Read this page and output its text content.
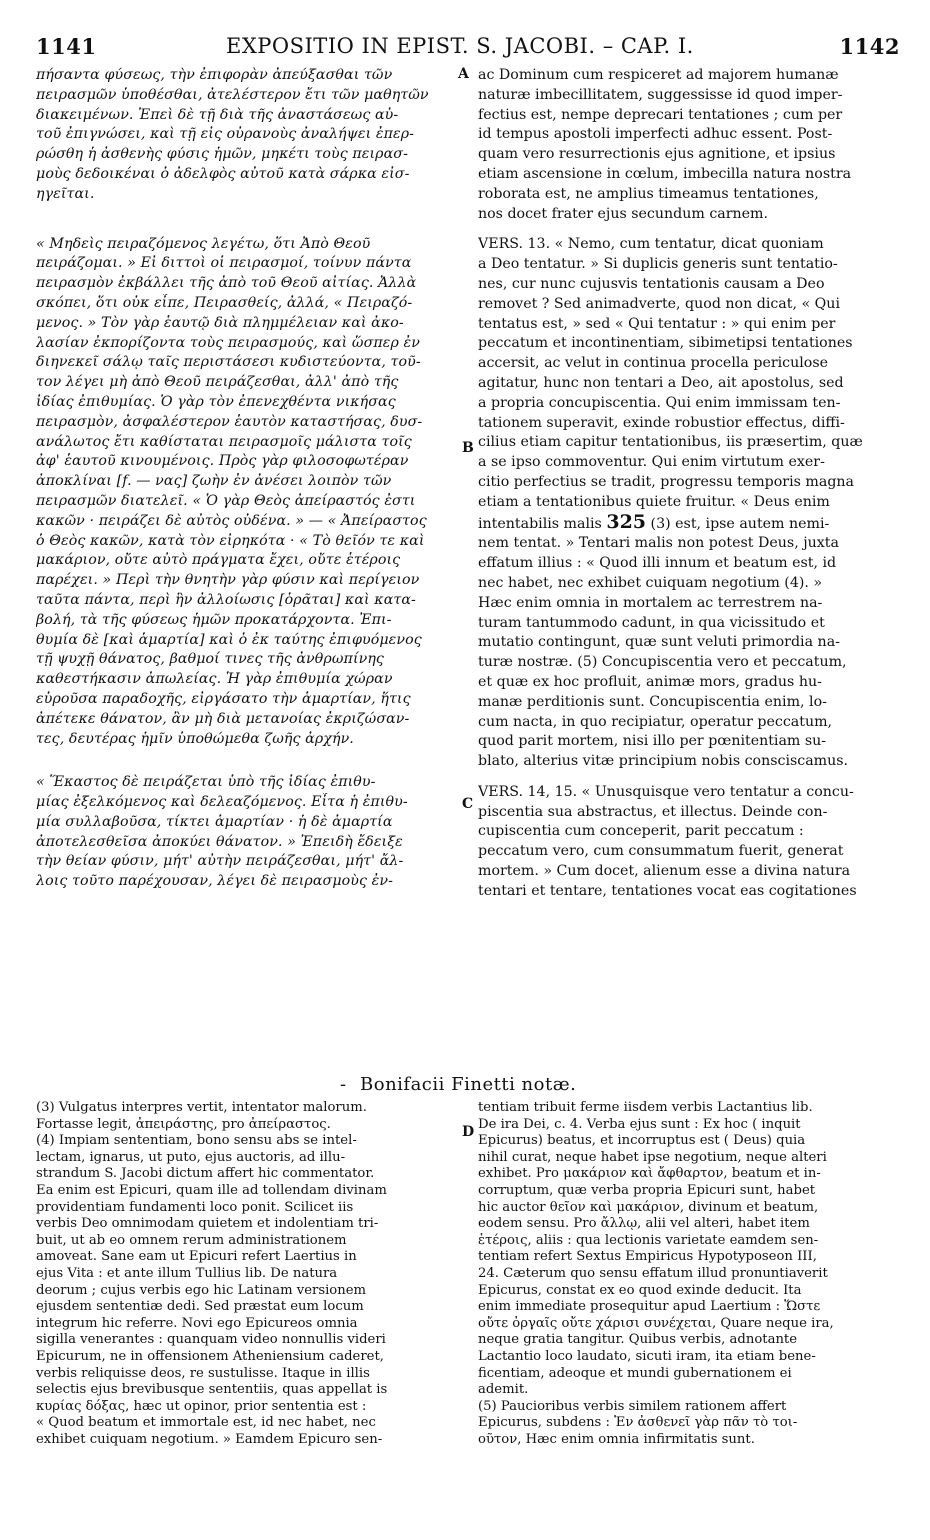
1141	EXPOSITIO IN EPIST. S. JACOBI. – CAP. I.	1142
A
B
C
D

πήσαντα φύσεως, τὴν ἐπιφορὰν ἀπεύξασθαι τῶν
πειρασμῶν ὑποθέσθαι, ἀτελέστερον ἔτι τῶν μαθητῶν
διακειμένων. Ἐπεὶ δὲ τῇ διὰ τῆς ἀναστάσεως αὐ-
τοῦ ἐπιγνώσει, καὶ τῇ εἰς οὐρανοὺς ἀναλήψει ἐπερ-
ρώσθη ἡ ἀσθενὴς φύσις ἡμῶν, μηκέτι τοὺς πειρασ-
μοὺς δεδοικέναι ὁ ἀδελφὸς αὐτοῦ κατὰ σάρκα εἰσ-
ηγεῖται.

« Μηδεὶς πειραζόμενος λεγέτω, ὅτι Ἀπὸ Θεοῦ
πειράζομαι. » Εἰ διττοὶ οἱ πειρασμοί, τοίνυν πάντα
πειρασμὸν ἐκβάλλει τῆς ἀπὸ τοῦ Θεοῦ αἰτίας. Ἀλλὰ
σκόπει, ὅτι οὐκ εἶπε, Πειρασθείς, ἀλλά, « Πειραζό-
μενος. » Τὸν γὰρ ἑαυτῷ διὰ πλημμέλειαν καὶ ἀκο-
λασίαν ἐκπορίζοντα τοὺς πειρασμούς, καὶ ὥσπερ ἐν
διηνεκεῖ σάλῳ ταῖς περιστάσεσι κυδιστεύοντα, τοῦ-
τον λέγει μὴ ἀπὸ Θεοῦ πειράζεσθαι, ἀλλ' ἀπὸ τῆς
ἰδίας ἐπιθυμίας. Ὁ γὰρ τὸν ἐπενεχθέντα νικήσας
πειρασμὸν, ἀσφαλέστερον ἑαυτὸν καταστήσας, δυσ-
ανάλωτος ἔτι καθίσταται πειρασμοῖς μάλιστα τοῖς
ἀφ' ἑαυτοῦ κινουμένοις. Πρὸς γὰρ φιλοσοφωτέραν
ἀποκλίναι [f. — νας] ζωὴν ἐν ἀνέσει λοιπὸν τῶν
πειρασμῶν διατελεῖ. « Ὁ γὰρ Θεὸς ἀπείραστός ἐστι
κακῶν · πειράζει δὲ αὐτὸς οὐδένα. » — « Ἀπείραστος
ὁ Θεὸς κακῶν, κατὰ τὸν εἰρηκότα · « Τὸ θεῖόν τε καὶ
μακάριον, οὔτε αὐτὸ πράγματα ἔχει, οὔτε ἑτέροις
παρέχει. » Περὶ τὴν θνητὴν γὰρ φύσιν καὶ περίγειον
ταῦτα πάντα, περὶ ἣν ἀλλοίωσις [ὁρᾶται] καὶ κατα-
βολή, τὰ τῆς φύσεως ἡμῶν προκατάρχοντα. Ἐπι-
θυμία δὲ [καὶ ἁμαρτία] καὶ ὁ ἐκ ταύτης ἐπιφυόμενος
τῇ ψυχῇ θάνατος, βαθμοί τινες τῆς ἀνθρωπίνης
καθεστήκασιν ἀπωλείας. Ἡ γὰρ ἐπιθυμία χώραν
εὑροῦσα παραδοχῆς, εἰργάσατο τὴν ἁμαρτίαν, ἥτις
ἀπέτεκε θάνατον, ἂν μὴ διὰ μετανοίας ἐκριζώσαν-
τες, δευτέρας ἡμῖν ὑποθώμεθα ζωῆς ἀρχήν.

« Ἕκαστος δὲ πειράζεται ὑπὸ τῆς ἰδίας ἐπιθυ-
μίας ἐξελκόμενος καὶ δελεαζόμενος. Εἶτα ἡ ἐπιθυ-
μία συλλαβοῦσα, τίκτει ἁμαρτίαν · ἡ δὲ ἁμαρτία
ἀποτελεσθεῖσα ἀποκύει θάνατον. » Ἐπειδὴ ἔδειξε
τὴν θείαν φύσιν, μήτ' αὐτὴν πειράζεσθαι, μήτ' ἄλ-
λοις τοῦτο παρέχουσαν, λέγει δὲ πειρασμοὺς ἐν-

ac Dominum cum respiceret ad majorem humanæ
naturæ imbecillitatem, suggessisse id quod imper-
fectius est, nempe deprecari tentationes ; cum per
id tempus apostoli imperfecti adhuc essent. Post-
quam vero resurrectionis ejus agnitione, et ipsius
etiam ascensione in cœlum, imbecilla natura nostra
roborata est, ne amplius timeamus tentationes,
nos docet frater ejus secundum carnem.

VERS. 13. « Nemo, cum tentatur, dicat quoniam
a Deo tentatur. » Si duplicis generis sunt tentatio-
nes, cur nunc cujusvis tentationis causam a Deo
removet ? Sed animadverte, quod non dicat, « Qui
tentatus est, » sed « Qui tentatur : » qui enim per
peccatum et incontinentiam, sibimetipsi tentationes
accersit, ac velut in continua procella periculose
agitatur, hunc non tentari a Deo, ait apostolus, sed
a propria concupiscentia. Qui enim immissam ten-
tationem superavit, exinde robustior effectus, diffi-
cilius etiam capitur tentationibus, iis præsertim, quæ
a se ipso commoventur. Qui enim virtutum exer-
citio perfectius se tradit, progressu temporis magna
etiam a tentationibus quiete fruitur. « Deus enim
intentabilis malis 325 (3) est, ipse autem nemi-
nem tentat. » Tentari malis non potest Deus, juxta
effatum illius : « Quod illi innum et beatum est, id
nec habet, nec exhibet cuiquam negotium (4). »
Hæc enim omnia in mortalem ac terrestrem na-
turam tantummodo cadunt, in qua vicissitudo et
mutatio contingunt, quæ sunt veluti primordia na-
turæ nostræ. (5) Concupiscentia vero et peccatum,
et quæ ex hoc profluit, animæ mors, gradus hu-
manæ perditionis sunt. Concupiscentia enim, lo-
cum nacta, in quo recipiatur, operatur peccatum,
quod parit mortem, nisi illo per pœnitentiam su-
blato, alterius vitæ principium nobis consciscamus.

VERS. 14, 15. « Unusquisque vero tentatur a concu-
piscentia sua abstractus, et illectus. Deinde con-
cupiscentia cum conceperit, parit peccatum :
peccatum vero, cum consummatum fuerit, generat
mortem. » Cum docet, alienum esse a divina natura
tentari et tentare, tentationes vocat eas cogitationes

- Bonifacii Finetti notæ.
(3) Vulgatus interpres vertit, intentator malorum.
Fortasse legit, ἀπειράστης, pro ἀπείραστος.
(4) Impiam sententiam, bono sensu abs se intel-
lectam, ignarus, ut puto, ejus auctoris, ad illu-
strandum S. Jacobi dictum affert hic commentator.
Ea enim est Epicuri, quam ille ad tollendam divinam
providentiam fundamenti loco ponit. Scilicet iis
verbis Deo omnimodam quietem et indolentiam tri-
buit, ut ab eo omnem rerum administrationem
amoveat. Sane eam ut Epicuri refert Laertius in
ejus Vita : et ante illum Tullius lib. De natura
deorum ; cujus verbis ego hic Latinam versionem
ejusdem sententiæ dedi. Sed præstat eum locum
integrum hic referre. Novi ego Epicureos omnia
sigilla venerantes : quanquam video nonnullis videri
Epicurum, ne in offensionem Atheniensium caderet,
verbis reliquisse deos, re sustulisse. Itaque in illis
selectis ejus brevibusque sententiis, quas appellat is
κυρίας δόξας, hæc ut opinor, prior sententia est :
« Quod beatum et immortale est, id nec habet, nec
exhibet cuiquam negotium. » Eamdem Epicuro sen-
tentiam tribuit ferme iisdem verbis Lactantius lib.
De ira Dei, c. 4. Verba ejus sunt : Ex hoc ( inquit
Epicurus) beatus, et incorruptus est ( Deus) quia
nihil curat, neque habet ipse negotium, neque alteri
exhibet. Pro μακάριον καὶ ἄφθαρτον, beatum et in-
corruptum, quæ verba propria Epicuri sunt, habet
hic auctor θεῖον καὶ μακάριον, divinum et beatum,
eodem sensu. Pro ἄλλῳ, alii vel alteri, habet item
ἑτέροις, aliis : qua lectionis varietate eamdem sen-
tentiam refert Sextus Empiricus Hypotyposeon III,
24. Cæterum quo sensu effatum illud pronuntiaverit
Epicurus, constat ex eo quod exinde deducit. Ita
enim immediate prosequitur apud Laertium : Ὥστε
οὔτε ὀργαῖς οὔτε χάρισι συνέχεται, Quare neque ira,
neque gratia tangitur. Quibus verbis, adnotante
Lactantio loco laudato, sicuti iram, ita etiam bene-
ficentiam, adeoque et mundi gubernationem ei
ademit.
(5) Paucioribus verbis similem rationem affert
Epicurus, subdens : Ἐν ἀσθενεῖ γὰρ πᾶν τὸ τοι-
οῦτον, Hæc enim omnia infirmitatis sunt.
